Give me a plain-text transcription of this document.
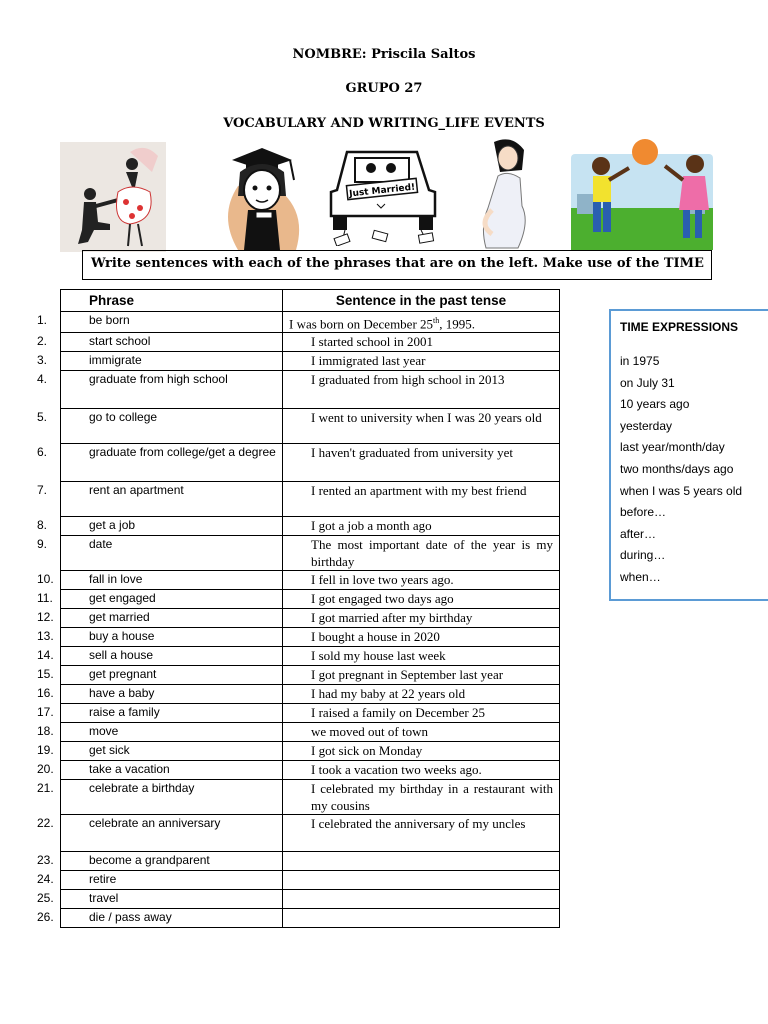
NOMBRE: Priscila Saltos
GRUPO 27
VOCABULARY AND WRITING_LIFE EVENTS
Just Married!
Write sentences with each of the phrases that are on the left. Make use of the TIME
Phrase	Sentence in the past tense
1. be born	I was born on December 25th, 1995.
2. start school	I started school in 2001
3. immigrate	I immigrated last year
4. graduate from high school	I graduated from high school in 2013
5. go to college	I went to university when I was 20 years old
6. graduate from college/get a degree	I haven't graduated from university yet
7. rent an apartment	I rented an apartment with my best friend
8. get a job	I got a job a month ago
9. date	The most important date of the year is my birthday
10. fall in love	I fell in love two years ago.
11. get engaged	I got engaged two days ago
12. get married	I got married after my birthday
13. buy a house	I bought a house in 2020
14. sell a house	I sold my house last week
15. get pregnant	I got pregnant in September last year
16. have a baby	I had my baby at 22 years old
17. raise a family	I raised a family on December 25
18. move	we moved out of town
19. get sick	I got sick on Monday
20. take a vacation	I took a vacation two weeks ago.
21. celebrate a birthday	I celebrated my birthday in a restaurant with my cousins
22. celebrate an anniversary	I celebrated the anniversary of my uncles
23. become a grandparent	
24. retire	
25. travel	
26. die / pass away	
TIME EXPRESSIONS
in 1975
on July 31
10 years ago
yesterday
last year/month/day
two months/days ago
when I was 5 years old
before…
after…
during…
when…
